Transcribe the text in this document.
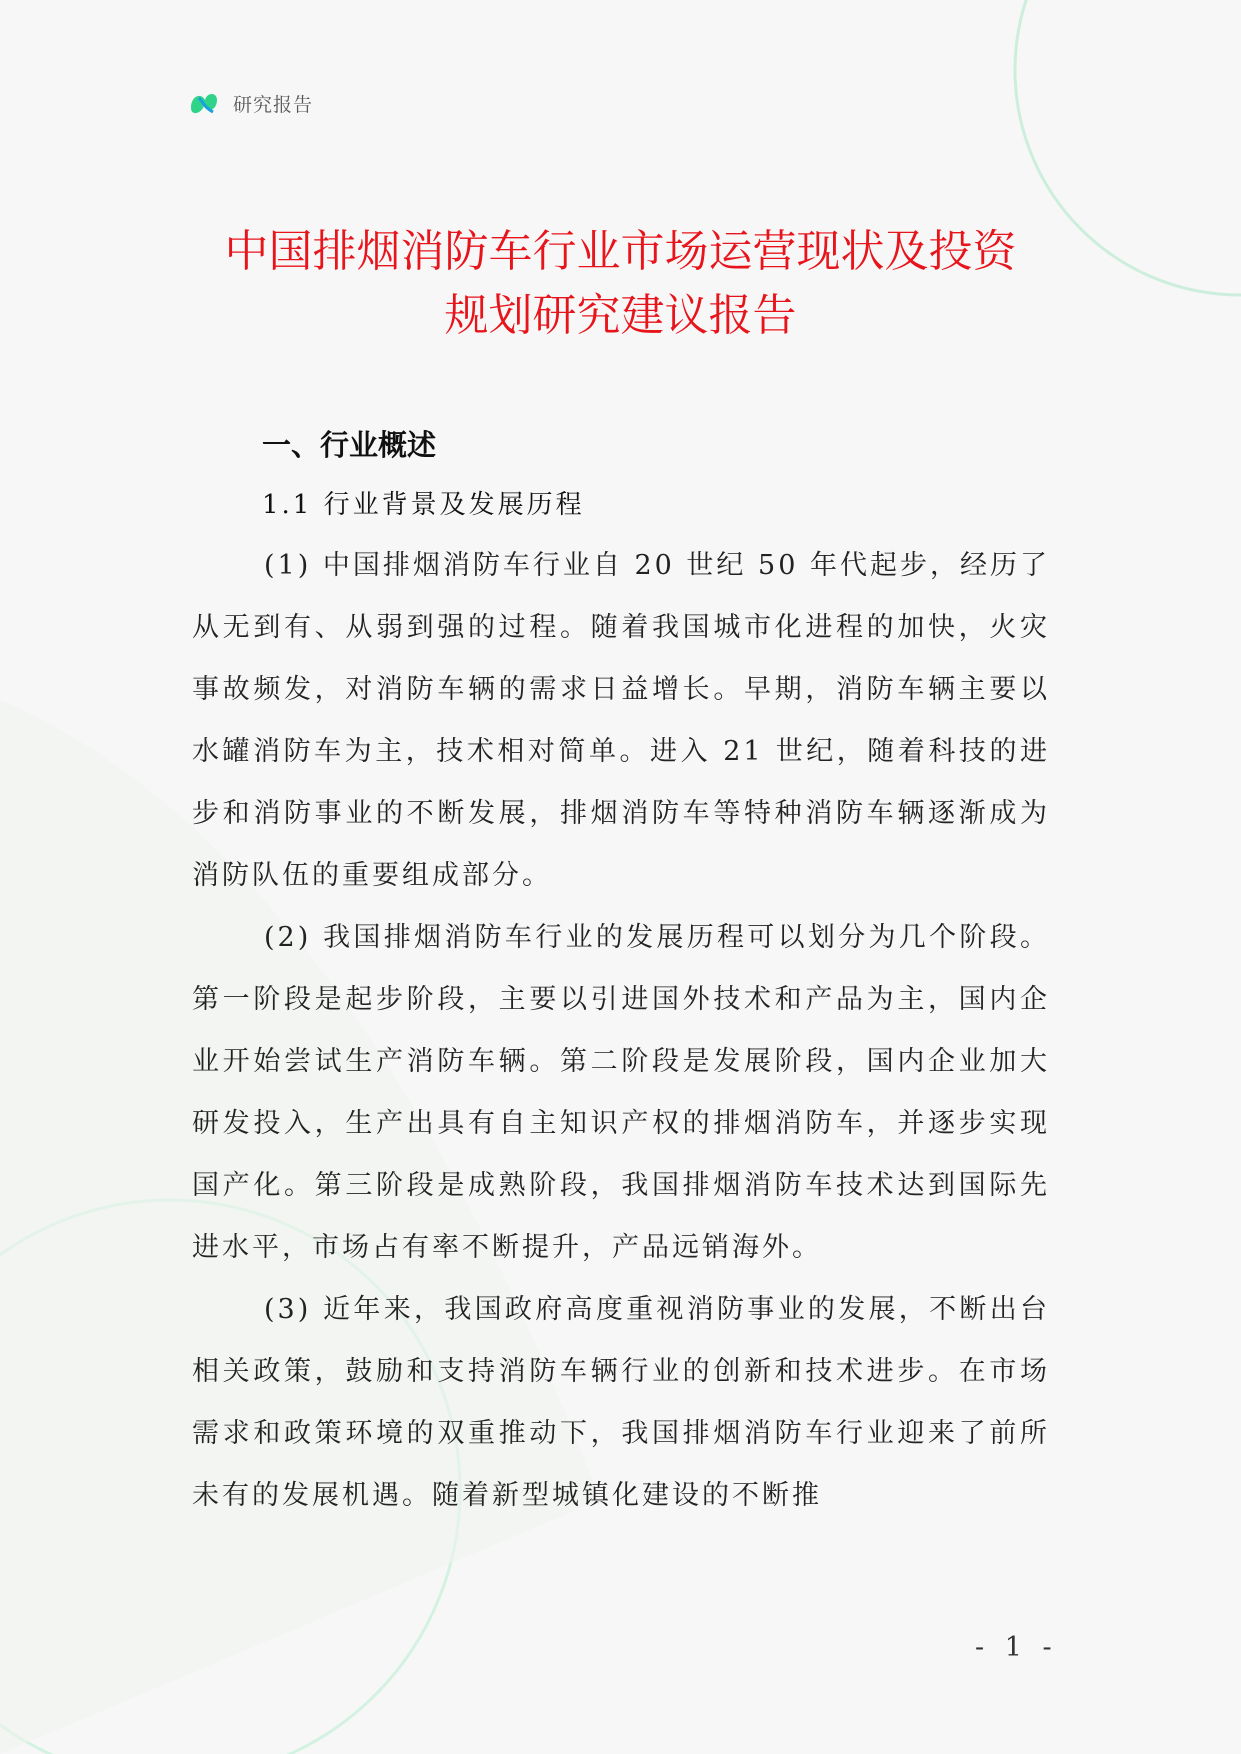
研究报告
中国排烟消防车行业市场运营现状及投资
规划研究建议报告

一、行业概述

1.1 行业背景及发展历程

(1) 中国排烟消防车行业自 20 世纪 50 年代起步，经历了从无到有、从弱到强的过程。随着我国城市化进程的加快，火灾事故频发，对消防车辆的需求日益增长。早期，消防车辆主要以水罐消防车为主，技术相对简单。进入 21 世纪，随着科技的进步和消防事业的不断发展，排烟消防车等特种消防车辆逐渐成为消防队伍的重要组成部分。

(2) 我国排烟消防车行业的发展历程可以划分为几个阶段。第一阶段是起步阶段，主要以引进国外技术和产品为主，国内企业开始尝试生产消防车辆。第二阶段是发展阶段，国内企业加大研发投入，生产出具有自主知识产权的排烟消防车，并逐步实现国产化。第三阶段是成熟阶段，我国排烟消防车技术达到国际先进水平，市场占有率不断提升，产品远销海外。

(3) 近年来，我国政府高度重视消防事业的发展，不断出台相关政策，鼓励和支持消防车辆行业的创新和技术进步。在市场需求和政策环境的双重推动下，我国排烟消防车行业迎来了前所未有的发展机遇。随着新型城镇化建设的不断推

- 1 -
